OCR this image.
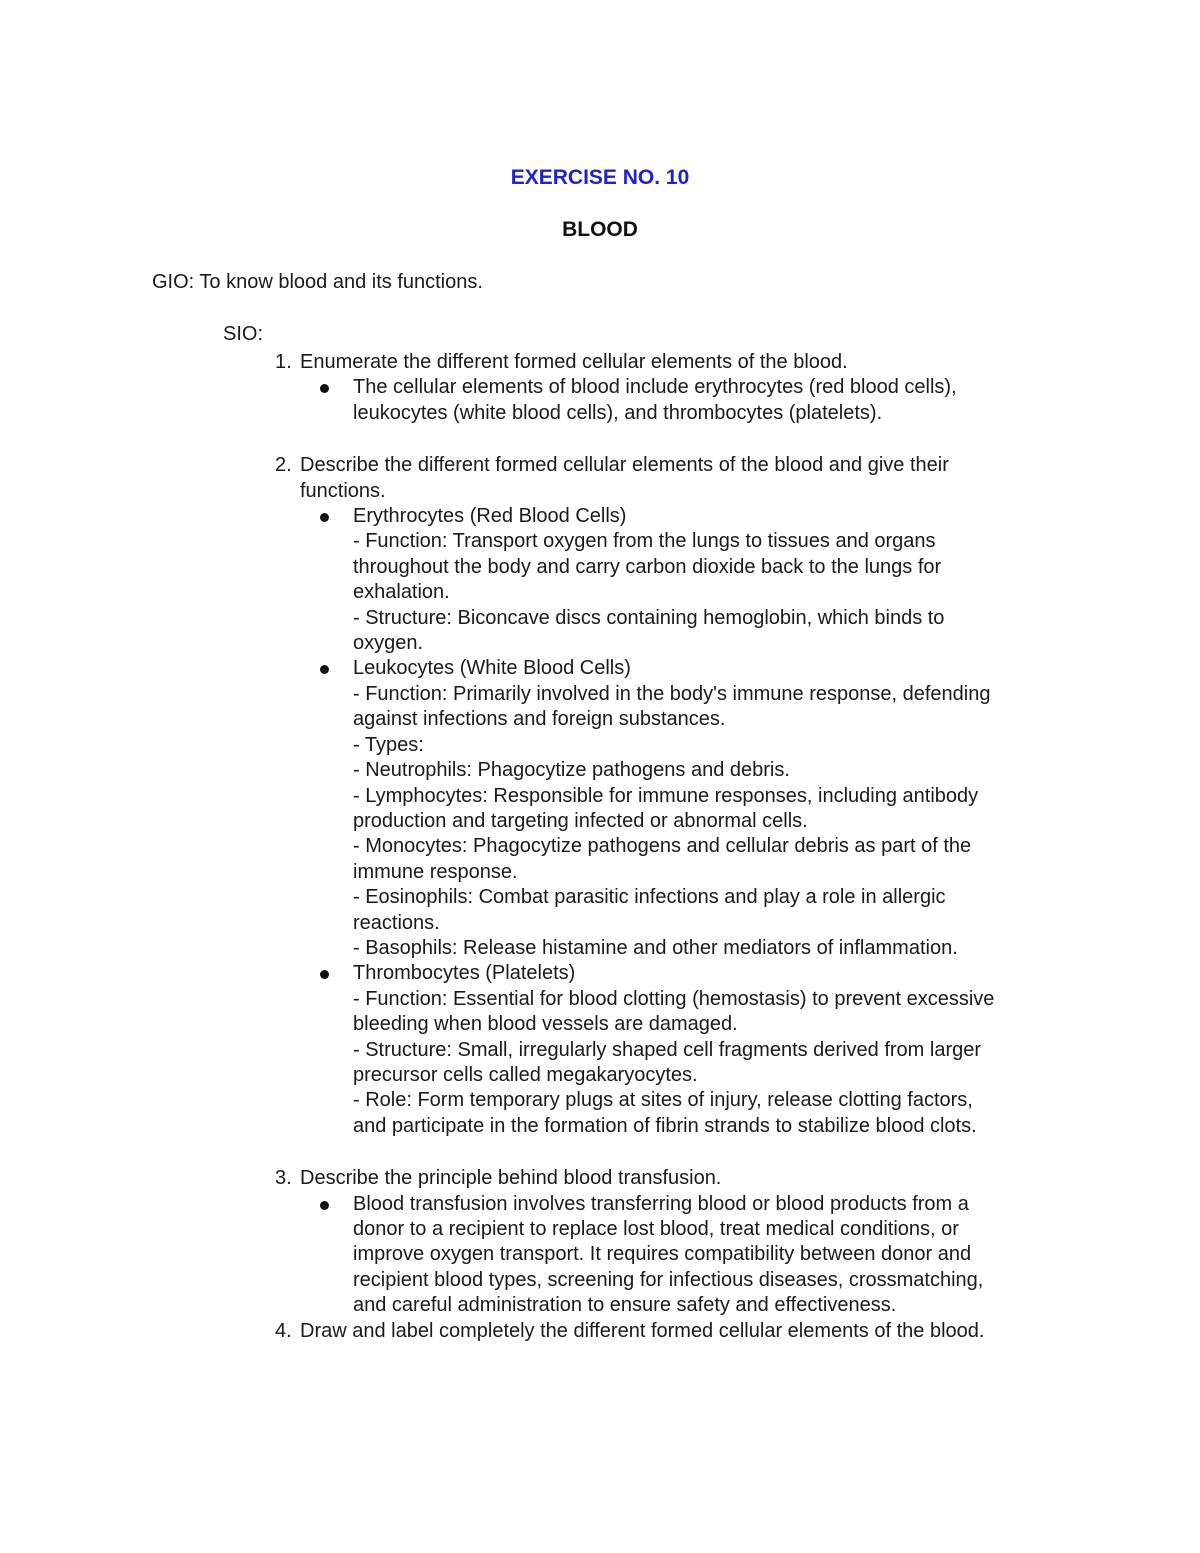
EXERCISE NO. 10
BLOOD
GIO: To know blood and its functions.
SIO:
1. Enumerate the different formed cellular elements of the blood.
The cellular elements of blood include erythrocytes (red blood cells),
leukocytes (white blood cells), and thrombocytes (platelets).
2. Describe the different formed cellular elements of the blood and give their functions.
Erythrocytes (Red Blood Cells)
- Function: Transport oxygen from the lungs to tissues and organs
throughout the body and carry carbon dioxide back to the lungs for
exhalation.
- Structure: Biconcave discs containing hemoglobin, which binds to
oxygen.
Leukocytes (White Blood Cells)
- Function: Primarily involved in the body's immune response, defending
against infections and foreign substances.
- Types:
- Neutrophils: Phagocytize pathogens and debris.
- Lymphocytes: Responsible for immune responses, including antibody
production and targeting infected or abnormal cells.
- Monocytes: Phagocytize pathogens and cellular debris as part of the
immune response.
- Eosinophils: Combat parasitic infections and play a role in allergic
reactions.
- Basophils: Release histamine and other mediators of inflammation.
Thrombocytes (Platelets)
- Function: Essential for blood clotting (hemostasis) to prevent excessive
bleeding when blood vessels are damaged.
- Structure: Small, irregularly shaped cell fragments derived from larger
precursor cells called megakaryocytes.
- Role: Form temporary plugs at sites of injury, release clotting factors,
and participate in the formation of fibrin strands to stabilize blood clots.
3. Describe the principle behind blood transfusion.
Blood transfusion involves transferring blood or blood products from a
donor to a recipient to replace lost blood, treat medical conditions, or
improve oxygen transport. It requires compatibility between donor and
recipient blood types, screening for infectious diseases, crossmatching,
and careful administration to ensure safety and effectiveness.
4. Draw and label completely the different formed cellular elements of the blood.
